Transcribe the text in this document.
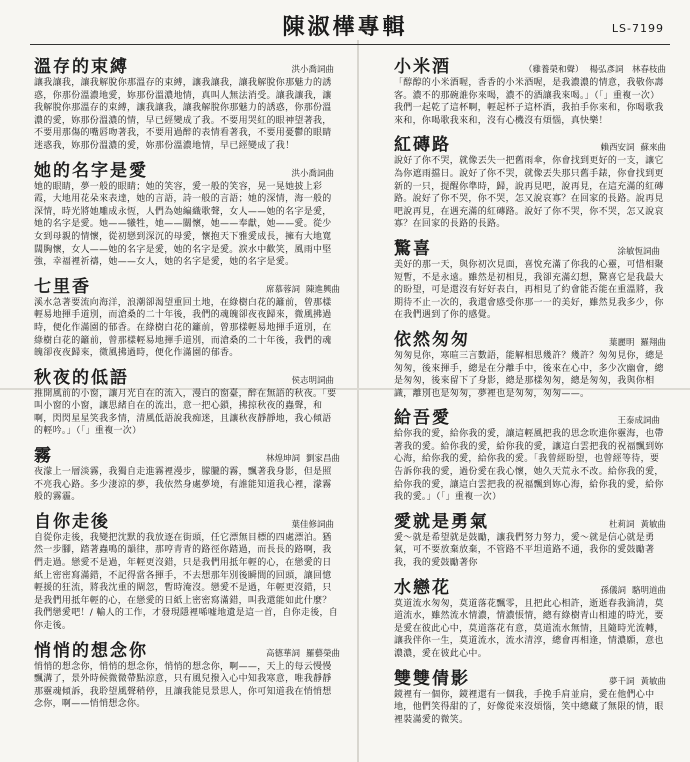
陳淑樺專輯	LS-7199
溫存的束縛	洪小喬詞曲
讓我讓我，讓我解脫你那溫存的束縛，讓我讓我，讓我解脫你那魅力的誘惑，你那份溫濃地愛，妳那份溫濃地情，真叫人無法消受。讓我讓我，讓我解脫你那溫存的束縛，讓我讓我，讓我解脫你那魅力的誘惑，你那份溫濃的愛，妳那份溫濃的情，早已經變成了我。不要用哭紅的眼神望著我，不要用那傷的嘴唇吻著我，不要用過醉的表情看著我，不要用憂鬱的眼睛迷惑我，妳那份溫濃的愛，妳那份溫濃地情，早已經變成了我！
她的名字是愛	洪小喬詞曲
她的眼睛，夢一般的眼睛；她的笑容，愛一般的笑容，晃一晃她披上彩霞，大地用花朵來表達，她的言語，詩一般的言語；她的深情，海一般的深情，時光將她雕成永恆，人們為她編織歌聲，女人——她的名字是愛，她的名字是愛。她——犧牲，她——關懷，她——奉獻，她——愛。從少女到母親的情懷，從初戀到深沉的母愛，懷抱天下雅愛成長，擁有大地寬闊胸懷，女人——她的名字是愛，她的名字是愛。淚水中歡笑，風雨中堅強，幸福裡祈禱，她——女人，她的名字是愛，她的名字是愛。
七里香	席慕蓉詞 陳進興曲
溪水急著要流向海洋，浪潮卻渴望重回土地，在綠樹白花的籬前，曾那樣輕易地揮手道別，而滄桑的二十年後，我們的魂魄卻夜夜歸來，微風拂過時，便化作滿園的郁香。在綠樹白花的籬前，曾那樣輕易地揮手道別，在綠樹白花的籬前，曾那樣輕易地揮手道別，而滄桑的二十年後，我們的魂魄卻夜夜歸來，微風拂過時，便化作滿園的郁香。
秋夜的低語	侯志明詞曲
推開風前的小窗，讓月光自在的流入，漫白的窗臺，醉在無語的秋夜。「要叫小窗的小窗，讓思緒自在的流出，意一把心鎖，拂掠秋夜的蟲聲，和啊，閃閃星星笑我多情，清風低語說我痴迷，且讓秋夜靜靜地，我心傾語的輕吟。」（「」重複一次）
霧	林煌坤詞 劉家昌曲
夜濛上一層淡霧，我獨自走進霧裡漫步，朦朧的霧，飄著我身影，但是照不亮我心路。多少淒涼的夢，我依然身處夢境，有誰能知道我心裡，濛霧般的霧霾。
自你走後	葉佳修詞曲
自從你走後，我變把沈默的我放逐在街頭，任它漂無目標的四處漂泊。猶然一步腳，踏著蟲鳴的韻律，那哼青青的路徑你踏過，而長長的路啊，我們走過。戀愛不是過，年輕更沒錯，只是我們用抵年輕的心，在戀愛的日紙上密密寫滿錯，不記得當各揮手，不去想那年別後瞬間的回頭，讓回憶輕援的狂流，將我沈重的閘忽，暫時淹沒。戀愛不是過，年輕更沒錯，只是我們用抵年輕的心，在戀愛的日紙上密密寫滿錯，叫我還能如此什麼？我們戀愛吧！/ 輸人的工作，才發現隱裡唏嘘地遺是這一首，自你走後，自你走後。
悄悄的想念你	高德華詞 羅藝榮曲
悄悄的想念你，悄悄的想念你，悄悄的想念你，啊——，天上的每云慢慢飄溝了，景外時候微微帶點涼意，只有風兒撥入心中知我寒意，唯我靜靜那靈魂傾訴，我聆望風聲稍停，且讓我能見景思人，你可知道我在悄悄想念你，啊——悄悄想念你。
小米酒	（雞養榮和聲） 楊弘彥詞　林春枝曲
「醇醇的小米酒喔，香香的小米酒喔，是我濃濃的情意，我敬你壽客。濃不的那碗誰你來喝，濃不的酒讓我來喝。」（「」重複一次）我們一起乾了這杯啊，輕起杯子這杯酒，我拍手你來和，你喝歌我來和，你喝歌我來和，沒有心機沒有煩惱，真快樂！
紅磚路	賴西安詞 蘇來曲
說好了你不哭，就像丟失一把舊雨傘，你會找到更好的一支，讓它為你遮雨擋日。說好了你不哭，就像丟失那只舊手錶，你會找到更新的一只，提醒你準時，歸，說再見吧，說再見，在這充滿的紅磚路。說好了你不哭，你不哭，怎又說哀寡？在回家的長路。說再見吧說再見，在遇充滿的紅磚路。說好了你不哭，你不哭，怎又說哀寡？在回家的長路的長路。
驚喜	涂敏恆詞曲
美好的那一天，與你初次見面，喜悅充滿了你我的心靈，可惜相聚短暫，不是永遠。雖然是初相見，我卻充滿幻想，驚喜它是我最大的盼望，可是還沒有好好表白，再相見了約會能否能在重溫將，我期待不止一次的，我還會感受你那一一的美好，雖然見我多少，你在我們遇到了你的感覺。
依然匆匆	葉麗明 羅翔曲
匆匆見你，寒暄三言數語，能解相思幾許？幾許？匆匆見你，總是匆匆，後來揮手，總是在分離手中，後來在心中，多少次幽會，總是匆匆，後來留下了身影，總是那樣匆匆，總是匆匆，我與你相識，離別也是匆匆，夢裡也是匆匆，匆匆——。
給吾愛	王泰成詞曲
給你我的愛，給你我的愛，讓這輕風把我的思念吹進你靈海，也帶著我的愛。給你我的愛，給你我的愛，讓這白雲把我的祝福飄到妳心海，給你我的愛，給你我的愛。「我曾經盼望，也曾經等待，要告訴你我的愛，過份愛在我心懷，她久天荒永不改。給你我的愛，給你我的愛，讓這白雲把我的祝福飄到妳心海，給你我的愛，給你我的愛。」（「」重複一次）
愛就是勇氣	杜莉詞 黃敏曲
愛～就是希望就是鼓勵，讓我們努力努力，愛～就是信心就是勇氣，可不要放棄放棄，不管路不平坦道路不通，我你的愛鼓勵著我，我的愛鼓勵著你
水戀花	孫儀詞 駱明道曲
莫道流水匆匆，莫道落花飄零，且把此心相許，逝逝春我滴清，莫道流水，雖然流水情濃，情濃悵情，總有綠樹青山相連的時光，要是愛在彼此心中，莫道落花有意，莫道流水無情，且隨時光流轉，讓我伴你一生，莫道流水，流水清淳，總會再相逢，情濃願，意也濃濃，愛在彼此心中。
雙雙倩影	夢千詞 黃敏曲
鏡裡有一個你，鏡裡還有一個我，手挽手肩並肩，愛在他們心中地，他們笑得甜的了，好像從來沒煩惱，笑中總藏了無限的情，眼裡裝滿愛的微笑。
